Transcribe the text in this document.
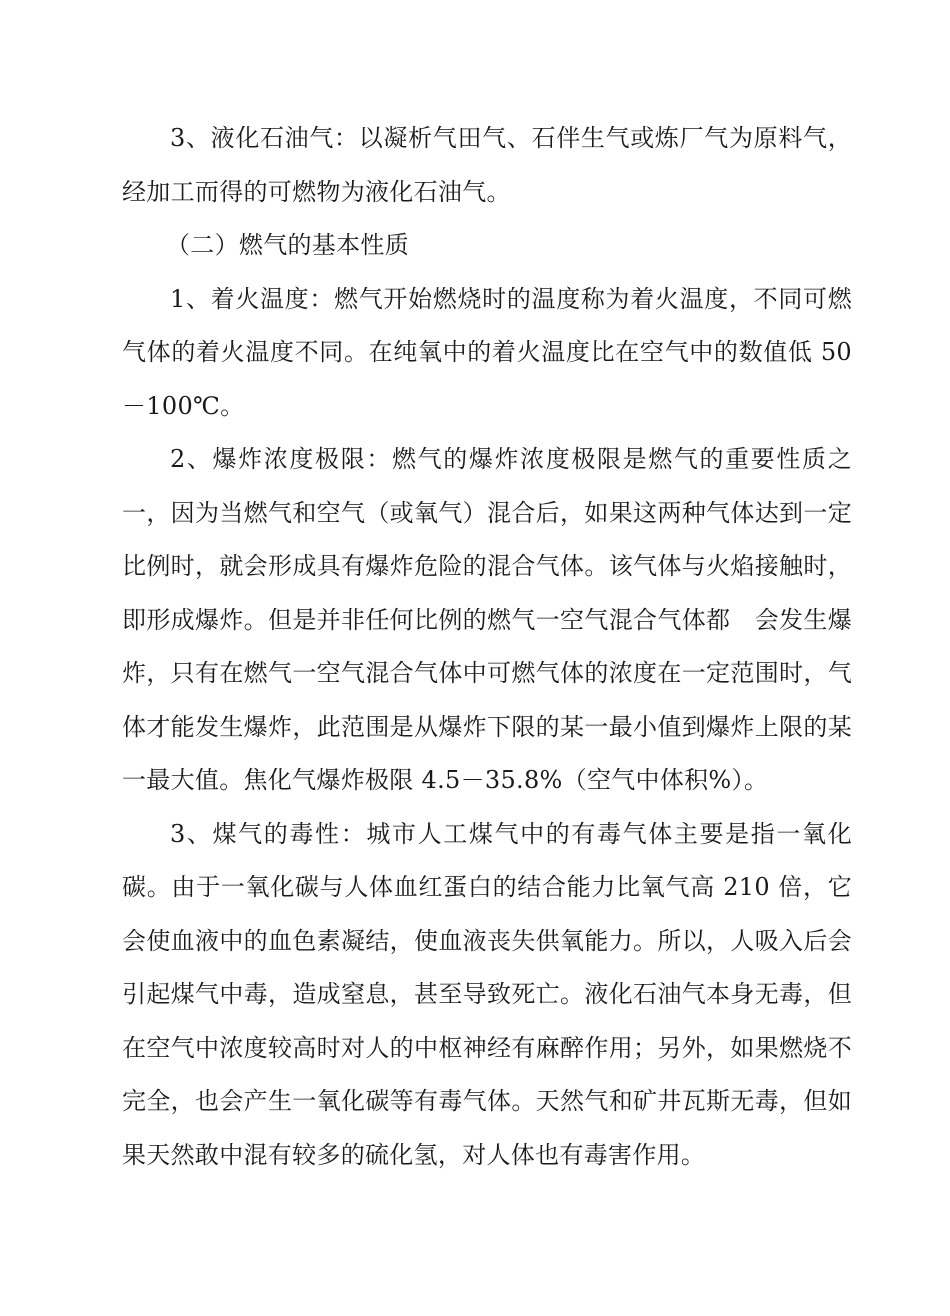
3、液化石油气：以凝析气田气、石伴生气或炼厂气为原料气，经加工而得的可燃物为液化石油气。

（二）燃气的基本性质

1、着火温度：燃气开始燃烧时的温度称为着火温度，不同可燃气体的着火温度不同。在纯氧中的着火温度比在空气中的数值低 50－100℃。

2、爆炸浓度极限：燃气的爆炸浓度极限是燃气的重要性质之一，因为当燃气和空气（或氧气）混合后，如果这两种气体达到一定比例时，就会形成具有爆炸危险的混合气体。该气体与火焰接触时，即形成爆炸。但是并非任何比例的燃气一空气混合气体都　会发生爆炸，只有在燃气一空气混合气体中可燃气体的浓度在一定范围时，气体才能发生爆炸，此范围是从爆炸下限的某一最小值到爆炸上限的某一最大值。焦化气爆炸极限 4.5－35.8%（空气中体积%）。

3、煤气的毒性：城市人工煤气中的有毒气体主要是指一氧化碳。由于一氧化碳与人体血红蛋白的结合能力比氧气高 210 倍，它会使血液中的血色素凝结，使血液丧失供氧能力。所以，人吸入后会引起煤气中毒，造成窒息，甚至导致死亡。液化石油气本身无毒，但在空气中浓度较高时对人的中枢神经有麻醉作用；另外，如果燃烧不完全，也会产生一氧化碳等有毒气体。天然气和矿井瓦斯无毒，但如果天然敢中混有较多的硫化氢，对人体也有毒害作用。
